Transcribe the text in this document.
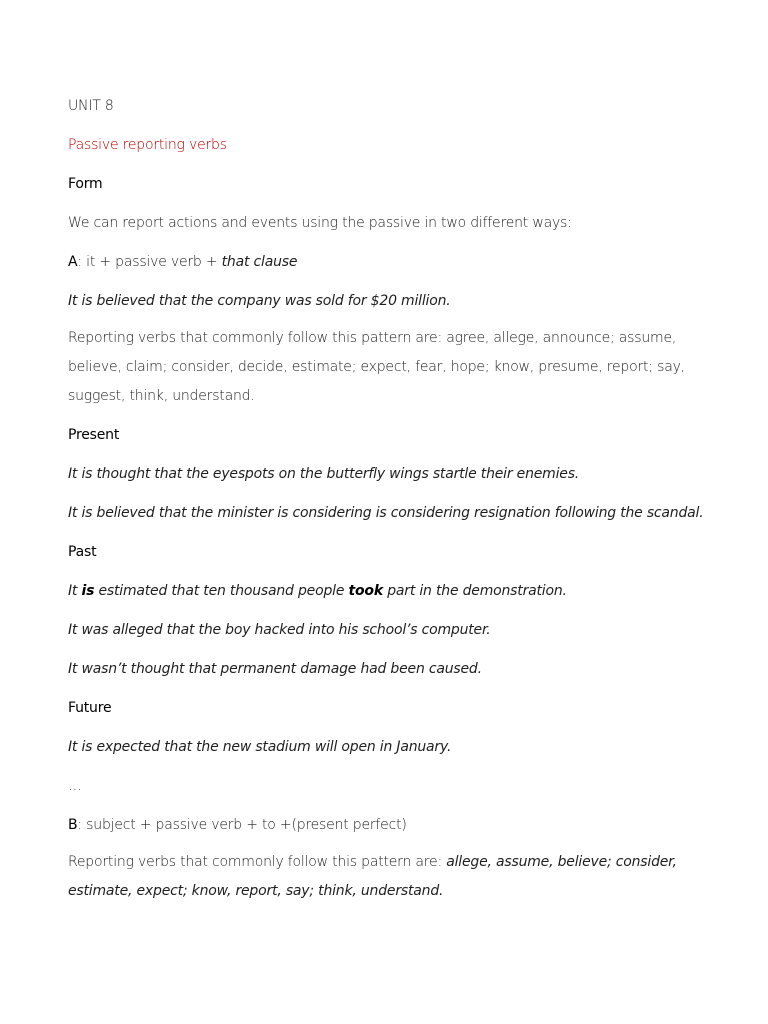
UNIT 8

Passive reporting verbs

Form

We can report actions and events using the passive in two different ways:

A: it + passive verb + that clause

It is believed that the company was sold for $20 million.

Reporting verbs that commonly follow this pattern are: agree, allege, announce; assume,

believe, claim; consider, decide, estimate; expect, fear, hope; know, presume, report; say,

suggest, think, understand.

Present

It is thought that the eyespots on the butterfly wings startle their enemies.

It is believed that the minister is considering is considering resignation following the scandal.

Past

It is estimated that ten thousand people took part in the demonstration.

It was alleged that the boy hacked into his school’s computer.

It wasn’t thought that permanent damage had been caused.

Future

It is expected that the new stadium will open in January.

…

B: subject + passive verb + to +(present perfect)

Reporting verbs that commonly follow this pattern are: allege, assume, believe; consider,

estimate, expect; know, report, say; think, understand.
